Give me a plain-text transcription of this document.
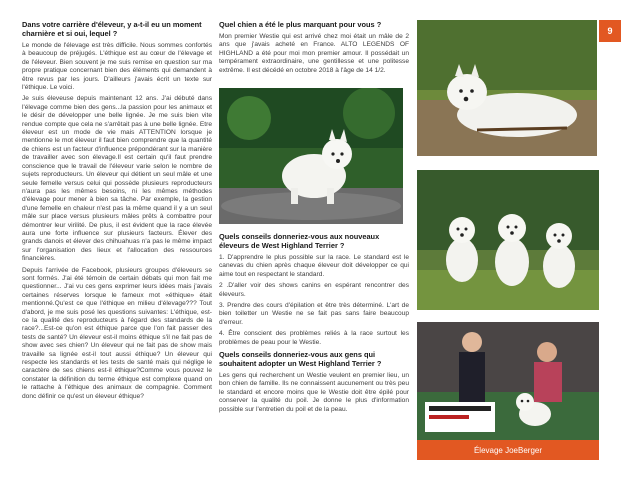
Dans votre carrière d'éleveur, y a-t-il eu un moment charnière et si oui, lequel ?
Le monde de l'élevage est très difficile. Nous sommes confortés à beaucoup de préjugés. L'éthique est au cœur de l'élevage et de l'éleveur. Bien souvent je me suis remise en question sur ma propre pratique concernant bien des éléments qui demandent à être revus par les jours. D'ailleurs j'avais écrit un texte sur l'éthique. Le voici.
Je suis éleveuse depuis maintenant 12 ans. J'ai débuté dans l'élevage comme bien des gens...la passion pour les animaux et le désir de développer une belle lignée. Je me suis bien vite rendue compte que cela ne s'arrêtait pas à une belle lignée. Etre éleveur est un mode de vie mais ATTENTION lorsque je mentionne le mot éleveur il faut bien comprendre que la quantité de chiens est un facteur d'influence prépondérant sur la manière de travailler avec son élevage.Il est certain qu'il faut prendre conscience que le travail de l'éleveur varie selon le nombre de sujets reproducteurs. Un éleveur qui détient un seul mâle et une seule femelle versus celui qui possède plusieurs reproducteurs n'aura pas les mêmes besoins, ni les mêmes méthodes d'élevage pour mener à bien sa tâche. Par exemple, la gestion d'une femelle en chaleur n'est pas la même quand il y a un seul mâle sur place versus plusieurs mâles prêts à combattre pour démontrer leur virilité. De plus, il est évident que la race élevée aura une forte influence sur plusieurs facteurs. Élever des grands danois et élever des chihuahuas n'a pas le même impact sur l'organisation des lieux et l'allocation des ressources financières.
Depuis l'arrivée de Facebook, plusieurs groupes d'éleveurs se sont formés. J'ai été témoin de certain débats qui mon fait me questionner... J'ai vu ces gens exprimer leurs idées mais j'avais certaines réserves lorsque le fameux mot «éthique» était mentionné.Qu'est ce que l'éthique en milieu d'élevage??? Tout d'abord, je me suis posé les questions suivantes: L'éthique, est-ce la qualité des reproducteurs à l'égard des standards de la race?...Est-ce qu'on est éthique parce que l'on fait passer des tests de santé? Un éleveur est-il moins éthique s'il ne fait pas de show avec ses chien? Un éleveur qui ne fait pas de show mais travaille sa lignée est-il tout aussi éthique? Un éleveur qui respecte les standards et les tests de santé mais qui néglige le caractère de ses chiens est-il éthique?Comme vous pouvez le constater la définition du terme éthique est complexe quand on le rattache à l'éthique des animaux de compagnie. Comment donc définir ce qu'est un éleveur éthique?
Quel chien a été le plus marquant pour vous ?
Mon premier Westie qui est arrivé chez moi était un mâle de 2 ans que j'avais acheté en France. ALTO LEGENDS OF HIGHLAND a été pour moi mon premier amour. Il possédait un tempérament extraordinaire, une gentillesse et une politesse extrême. Il est décédé en octobre 2018 à l'âge de 14 1/2.
Quels conseils donneriez-vous aux nouveaux éleveurs de West Highland Terrier ?
1. D'apprendre le plus possible sur la race. Le standard est le canevas du chien après chaque éleveur doit développer ce qui aime tout en respectant le standard.
2 .D'aller voir des shows canins en espérant rencontrer des éleveurs.
3. Prendre des cours d'épilation et être très déterminé. L'art de bien toiletter un Westie ne se fait pas sans faire beaucoup d'erreur.
4. Être conscient des problèmes reliés à la race surtout les problèmes de peau pour le Westie.
Quels conseils donneriez-vous aux gens qui souhaitent adopter un West Highland Terrier ?
Les gens qui recherchent un Westie veulent en premier lieu, un bon chien de famille. Ils ne connaissent aucunement ou très peu le standard et encore moins que le Westie doit être épilé pour conserver la qualité du poil. Je donne le plus d'information possible sur l'entretien du poil et de la peau.
9
Élevage JoeBerger
